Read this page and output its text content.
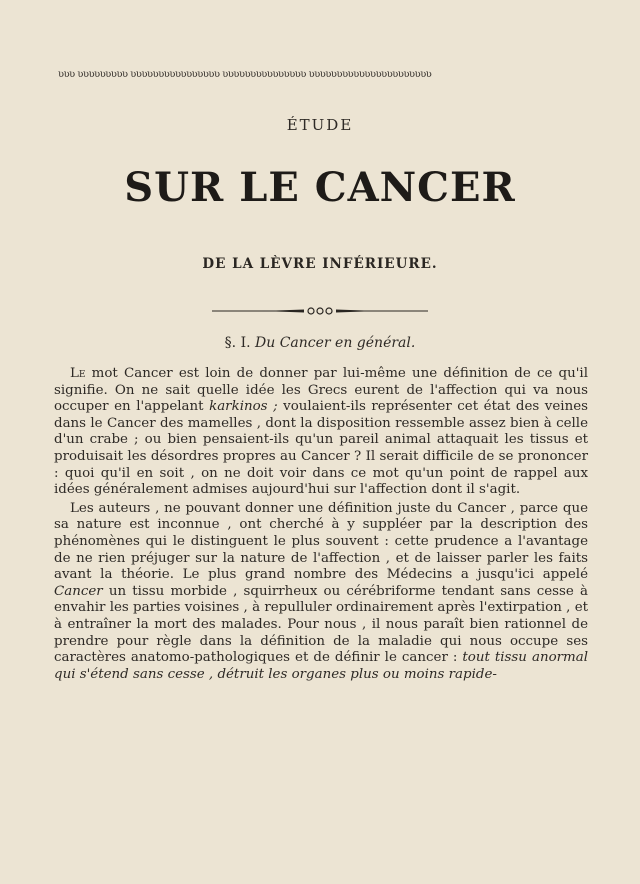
ʋʋʋ ʋʋʋʋʋʋʋʋʋ ʋʋʋʋʋʋʋʋʋʋʋʋʋʋʋʋ ʋʋʋʋʋʋʋʋʋʋʋʋʋʋʋ ʋʋʋʋʋʋʋʋʋʋʋʋʋʋʋʋʋʋʋʋʋʋ
ÉTUDE
SUR LE CANCER
DE LA LÈVRE INFÉRIEURE.
§. I. Du Cancer en général.

Le mot Cancer est loin de donner par lui-même une définition de ce qu'il signifie. On ne sait quelle idée les Grecs eurent de l'affection qui va nous occuper en l'appelant karkinos ; voulaient-ils représenter cet état des veines dans le Cancer des mamelles , dont la disposition ressemble assez bien à celle d'un crabe ; ou bien pensaient-ils qu'un pareil animal attaquait les tissus et produisait les désordres propres au Cancer ? Il serait difficile de se prononcer : quoi qu'il en soit , on ne doit voir dans ce mot qu'un point de rappel aux idées généralement admises aujourd'hui sur l'affection dont il s'agit.

Les auteurs , ne pouvant donner une définition juste du Cancer , parce que sa nature est inconnue , ont cherché à y suppléer par la description des phénomènes qui le distinguent le plus souvent : cette prudence a l'avantage de ne rien préjuger sur la nature de l'affection , et de laisser parler les faits avant la théorie. Le plus grand nombre des Médecins a jusqu'ici appelé Cancer un tissu morbide , squirrheux ou cérébriforme tendant sans cesse à envahir les parties voisines , à repulluler ordinairement après l'extirpation , et à entraîner la mort des malades. Pour nous , il nous paraît bien rationnel de prendre pour règle dans la définition de la maladie qui nous occupe ses caractères anatomo-pathologiques et de définir le cancer : tout tissu anormal qui s'étend sans cesse , détruit les organes plus ou moins rapide-
